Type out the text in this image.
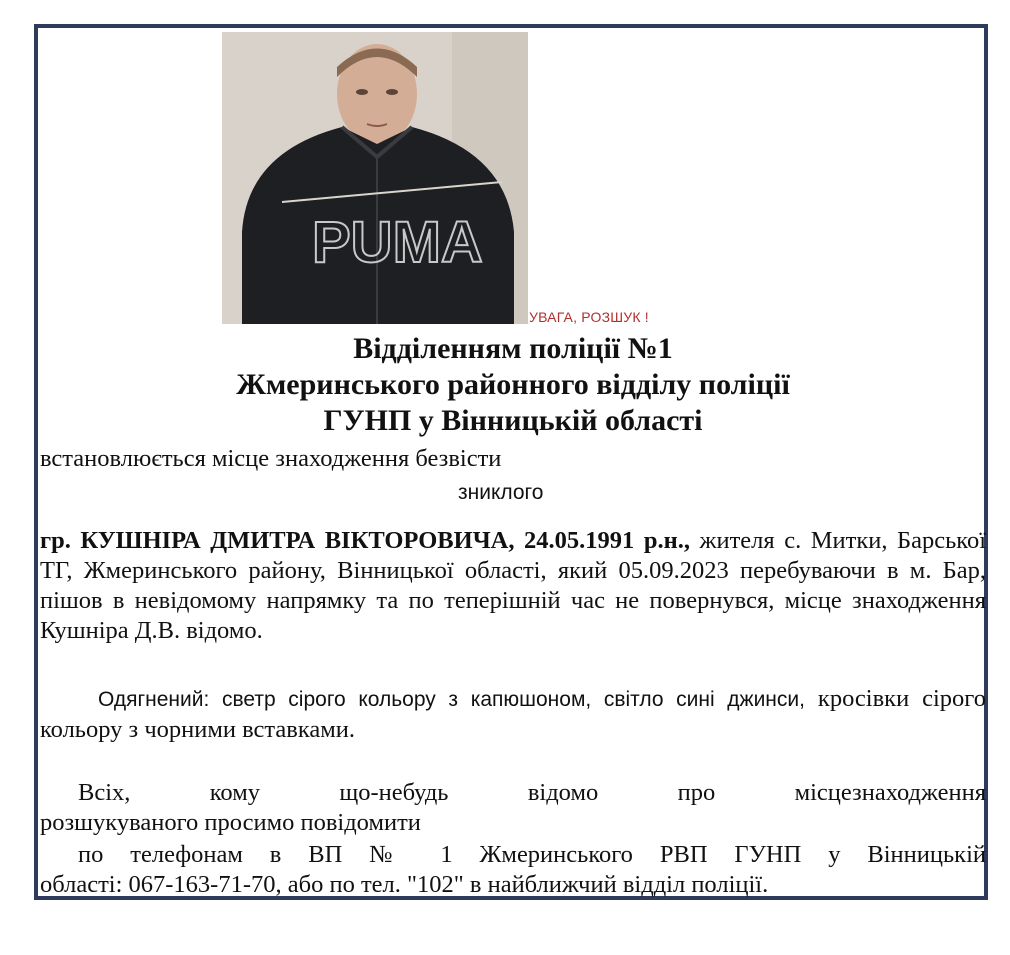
PUMA
УВАГА, РОЗШУК !
Відділенням поліції №1
Жмеринського районного відділу поліції
ГУНП у Вінницькій області
встановлюється місце знаходження безвісти
зниклого
гр. КУШНІРА ДМИТРА ВІКТОРОВИЧА, 24.05.1991 р.н., жителя с. Митки, Барської ТГ, Жмеринського району, Вінницької області, який 05.09.2023 перебуваючи в м. Бар, пішов в невідомому напрямку та по теперішній час не повернувся, місце знаходження Кушніра Д.В. відомо.
Одягнений: светр сірого кольору з капюшоном, світло сині джинси, кросівки сірого кольору з чорними вставками.
Всіх, кому що-небудь відомо про місцезнаходження
розшукуваного просимо повідомити
по телефонам в ВП № 1 Жмеринського РВП ГУНП у Вінницькій
області: 067-163-71-70, або по тел. "102" в найближчий відділ поліції.
